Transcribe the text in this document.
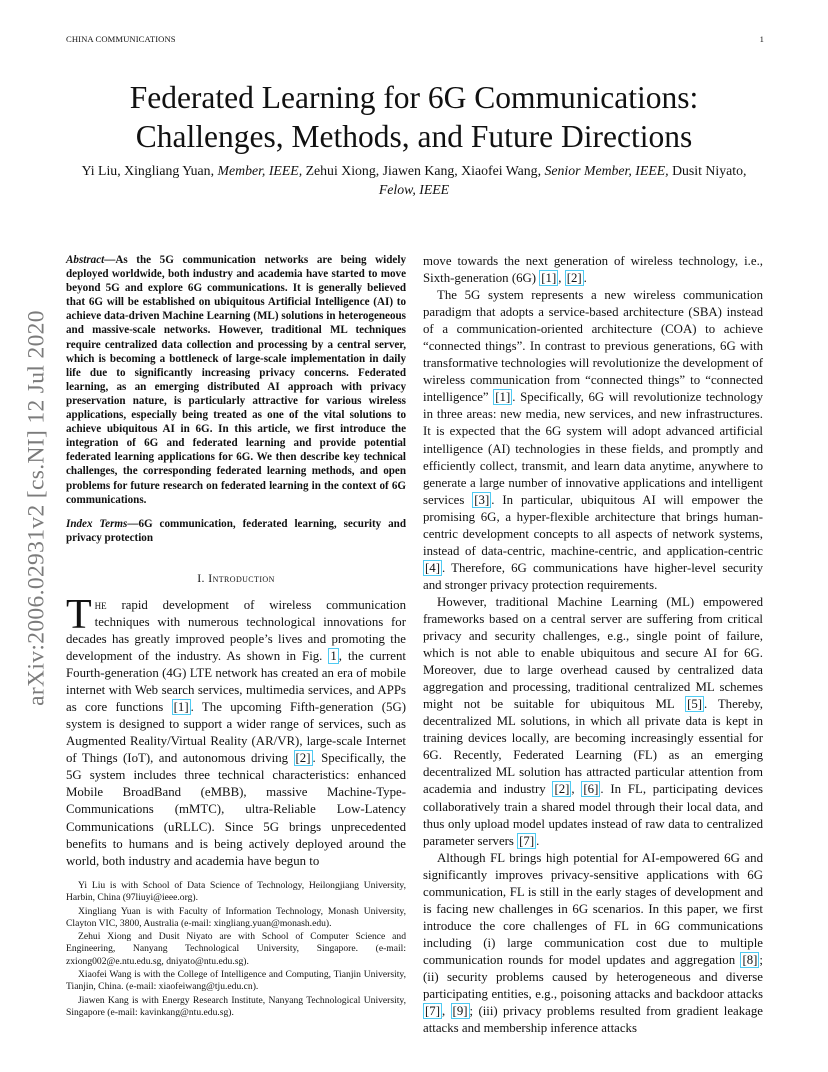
CHINA COMMUNICATIONS	1
arXiv:2006.02931v2 [cs.NI] 12 Jul 2020
Federated Learning for 6G Communications:
Challenges, Methods, and Future Directions
Yi Liu, Xingliang Yuan, Member, IEEE, Zehui Xiong, Jiawen Kang, Xiaofei Wang, Senior Member, IEEE, Dusit Niyato, Felow, IEEE

Abstract—As the 5G communication networks are being widely deployed worldwide, both industry and academia have started to move beyond 5G and explore 6G communications. It is generally believed that 6G will be established on ubiquitous Artificial Intelligence (AI) to achieve data-driven Machine Learning (ML) solutions in heterogeneous and massive-scale networks. However, traditional ML techniques require centralized data collection and processing by a central server, which is becoming a bottleneck of large-scale implementation in daily life due to significantly increasing privacy concerns. Federated learning, as an emerging distributed AI approach with privacy preservation nature, is particularly attractive for various wireless applications, especially being treated as one of the vital solutions to achieve ubiquitous AI in 6G. In this article, we first introduce the integration of 6G and federated learning and provide potential federated learning applications for 6G. We then describe key technical challenges, the corresponding federated learning methods, and open problems for future research on federated learning in the context of 6G communications.

Index Terms—6G communication, federated learning, security and privacy protection

I. Introduction

The rapid development of wireless communication techniques with numerous technological innovations for decades has greatly improved people’s lives and promoting the development of the industry. As shown in Fig. 1 , the current Fourth-generation (4G) LTE network has created an era of mobile internet with Web search services, multimedia services, and APPs as core functions [1] . The upcoming Fifth-generation (5G) system is designed to support a wider range of services, such as Augmented Reality/Virtual Reality (AR/VR), large-scale Internet of Things (IoT), and autonomous driving [2] . Specifically, the 5G system includes three technical characteristics: enhanced Mobile BroadBand (eMBB), massive Machine-Type-Communications (mMTC), ultra-Reliable Low-Latency Communications (uRLLC). Since 5G brings unprecedented benefits to humans and is being actively deployed around the world, both industry and academia have begun to

Yi Liu is with School of Data Science of Technology, Heilongjiang University, Harbin, China (97liuyi@ieee.org).

Xingliang Yuan is with Faculty of Information Technology, Monash University, Clayton VIC, 3800, Australia (e-mail: xingliang.yuan@monash.edu).

Zehui Xiong and Dusit Niyato are with School of Computer Science and Engineering, Nanyang Technological University, Singapore. (e-mail: zxiong002@e.ntu.edu.sg, dniyato@ntu.edu.sg).

Xiaofei Wang is with the College of Intelligence and Computing, Tianjin University, Tianjin, China. (e-mail: xiaofeiwang@tju.edu.cn).

Jiawen Kang is with Energy Research Institute, Nanyang Technological University, Singapore (e-mail: kavinkang@ntu.edu.sg).

move towards the next generation of wireless technology, i.e., Sixth-generation (6G) [1] , [2] .

The 5G system represents a new wireless communication paradigm that adopts a service-based architecture (SBA) instead of a communication-oriented architecture (COA) to achieve “connected things”. In contrast to previous generations, 6G with transformative technologies will revolutionize the development of wireless communication from “connected things” to “connected intelligence” [1] . Specifically, 6G will revolutionize technology in three areas: new media, new services, and new infrastructures. It is expected that the 6G system will adopt advanced artificial intelligence (AI) technologies in these fields, and promptly and efficiently collect, transmit, and learn data anytime, anywhere to generate a large number of innovative applications and intelligent services [3] . In particular, ubiquitous AI will empower the promising 6G, a hyper-flexible architecture that brings human-centric development concepts to all aspects of network systems, instead of data-centric, machine-centric, and application-centric [4] . Therefore, 6G communications have higher-level security and stronger privacy protection requirements.

However, traditional Machine Learning (ML) empowered frameworks based on a central server are suffering from critical privacy and security challenges, e.g., single point of failure, which is not able to enable ubiquitous and secure AI for 6G. Moreover, due to large overhead caused by centralized data aggregation and processing, traditional centralized ML schemes might not be suitable for ubiquitous ML [5] . Thereby, decentralized ML solutions, in which all private data is kept in training devices locally, are becoming increasingly essential for 6G. Recently, Federated Learning (FL) as an emerging decentralized ML solution has attracted particular attention from academia and industry [2] , [6] . In FL, participating devices collaboratively train a shared model through their local data, and thus only upload model updates instead of raw data to centralized parameter servers [7] .

Although FL brings high potential for AI-empowered 6G and significantly improves privacy-sensitive applications with 6G communication, FL is still in the early stages of development and is facing new challenges in 6G scenarios. In this paper, we first introduce the core challenges of FL in 6G communications including (i) large communication cost due to multiple communication rounds for model updates and aggregation [8] ; (ii) security problems caused by heterogeneous and diverse participating entities, e.g., poisoning attacks and backdoor attacks [7] , [9] ; (iii) privacy problems resulted from gradient leakage attacks and membership inference attacks
